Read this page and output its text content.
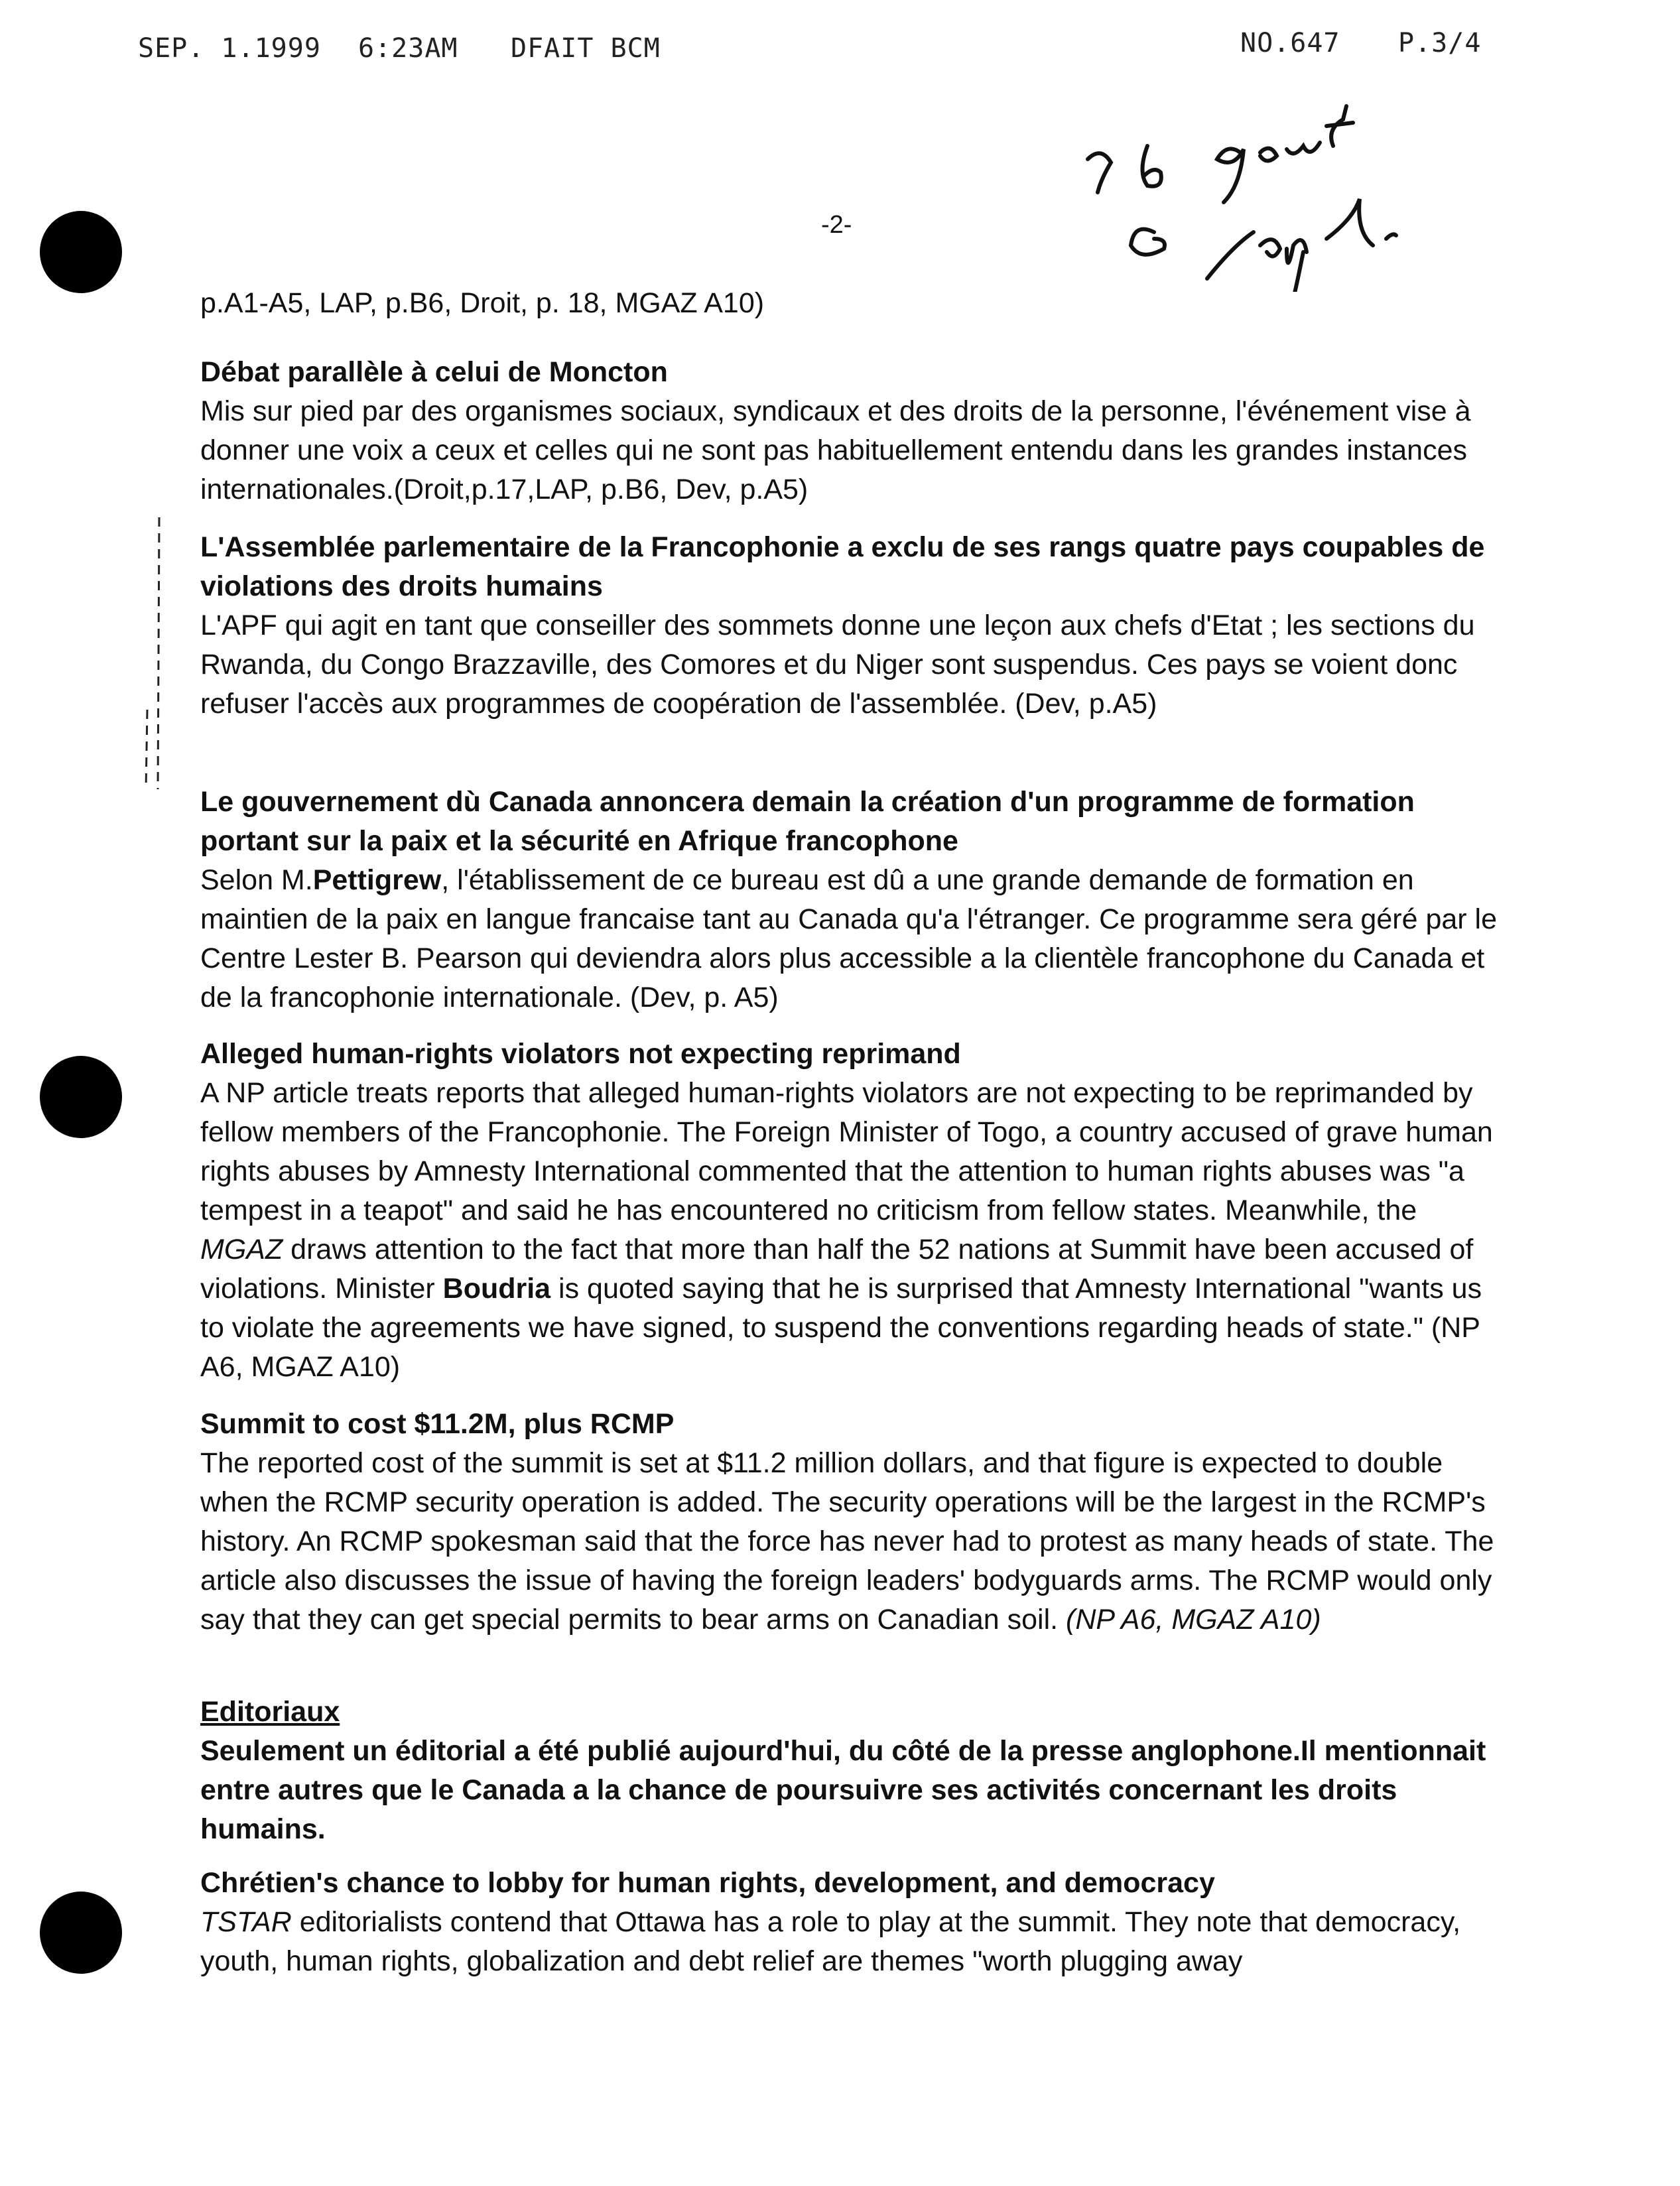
SEP. 1.1999 6:23AM DFAIT BCM	NO.647 P.3/4
-2-

p.A1-A5, LAP, p.B6, Droit, p. 18, MGAZ A10)

Débat parallèle à celui de Moncton

Mis sur pied par des organismes sociaux, syndicaux et des droits de la personne, l'événement vise à donner une voix a ceux et celles qui ne sont pas habituellement entendu dans les grandes instances internationales.(Droit,p.17,LAP, p.B6, Dev, p.A5)

L'Assemblée parlementaire de la Francophonie a exclu de ses rangs quatre pays coupables de violations des droits humains

L'APF qui agit en tant que conseiller des sommets donne une leçon aux chefs d'Etat ; les sections du Rwanda, du Congo Brazzaville, des Comores et du Niger sont suspendus. Ces pays se voient donc refuser l'accès aux programmes de coopération de l'assemblée. (Dev, p.A5)

Le gouvernement dù Canada annoncera demain la création d'un programme de formation portant sur la paix et la sécurité en Afrique francophone

Selon M.Pettigrew, l'établissement de ce bureau est dû a une grande demande de formation en maintien de la paix en langue francaise tant au Canada qu'a l'étranger. Ce programme sera géré par le Centre Lester B. Pearson qui deviendra alors plus accessible a la clientèle francophone du Canada et de la francophonie internationale. (Dev, p. A5)

Alleged human-rights violators not expecting reprimand

A NP article treats reports that alleged human-rights violators are not expecting to be reprimanded by fellow members of the Francophonie. The Foreign Minister of Togo, a country accused of grave human rights abuses by Amnesty International commented that the attention to human rights abuses was "a tempest in a teapot" and said he has encountered no criticism from fellow states. Meanwhile, the MGAZ draws attention to the fact that more than half the 52 nations at Summit have been accused of violations. Minister Boudria is quoted saying that he is surprised that Amnesty International "wants us to violate the agreements we have signed, to suspend the conventions regarding heads of state." (NP A6, MGAZ A10)

Summit to cost $11.2M, plus RCMP

The reported cost of the summit is set at $11.2 million dollars, and that figure is expected to double when the RCMP security operation is added. The security operations will be the largest in the RCMP's history. An RCMP spokesman said that the force has never had to protest as many heads of state. The article also discusses the issue of having the foreign leaders' bodyguards arms. The RCMP would only say that they can get special permits to bear arms on Canadian soil. (NP A6, MGAZ A10)

Editoriaux

Seulement un éditorial a été publié aujourd'hui, du côté de la presse anglophone.Il mentionnait entre autres que le Canada a la chance de poursuivre ses activités concernant les droits humains.

Chrétien's chance to lobby for human rights, development, and democracy

TSTAR editorialists contend that Ottawa has a role to play at the summit. They note that democracy, youth, human rights, globalization and debt relief are themes "worth plugging away
